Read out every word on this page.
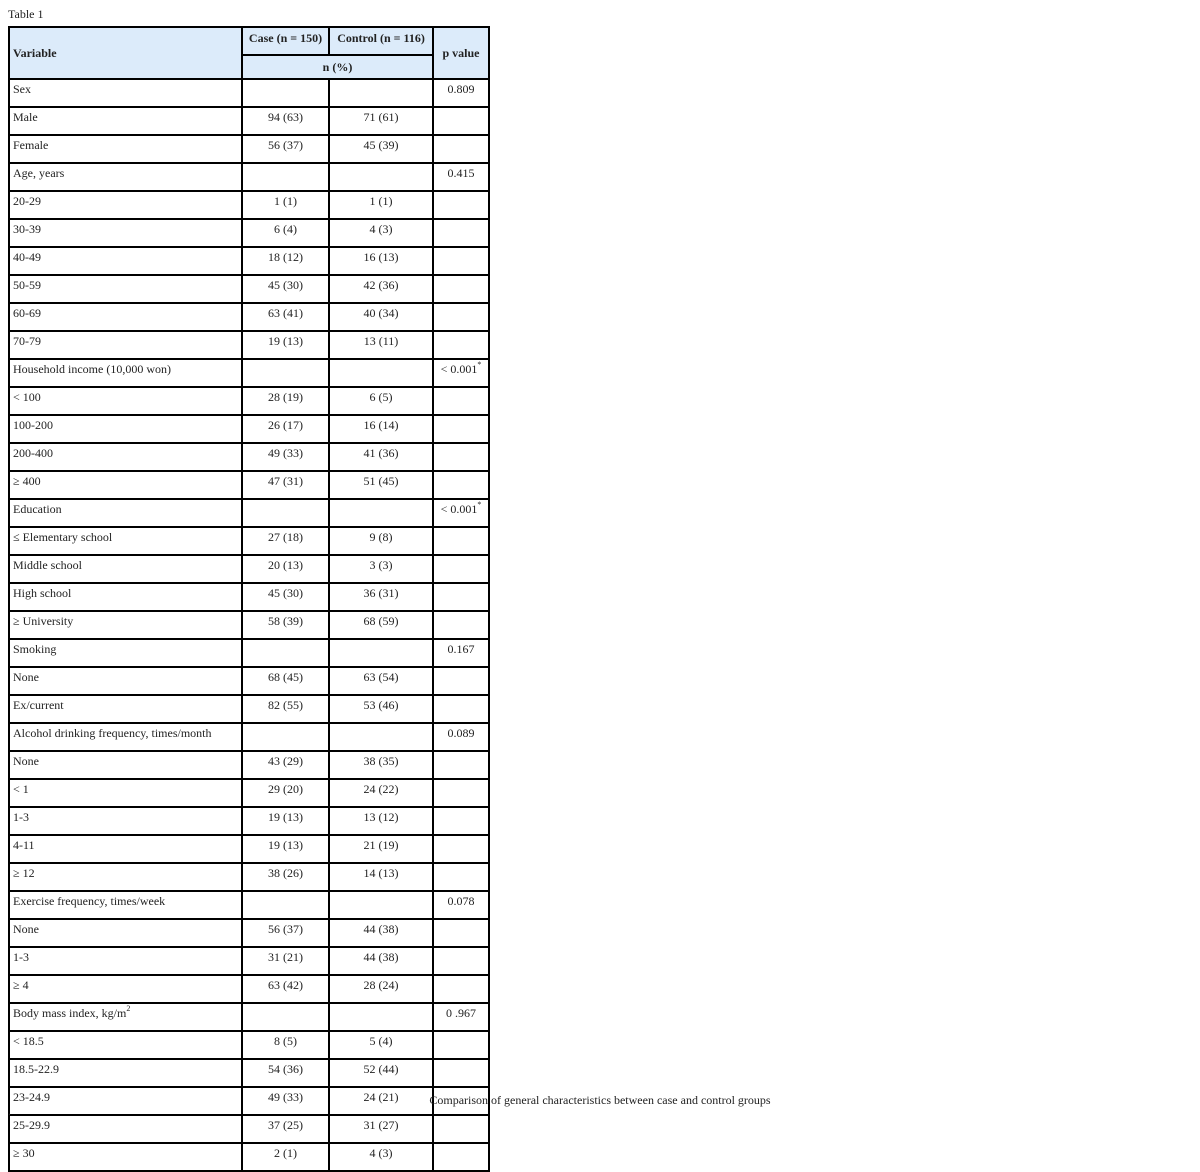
Table 1
Variable	Case (n = 150)	Control (n = 116)	p value
	n (%)		
Sex			0.809
Male	94 (63)	71 (61)	
Female	56 (37)	45 (39)	
Age, years			0.415
20-29	1 (1)	1 (1)	
30-39	6 (4)	4 (3)	
40-49	18 (12)	16 (13)	
50-59	45 (30)	42 (36)	
60-69	63 (41)	40 (34)	
70-79	19 (13)	13 (11)	
Household income (10,000 won)			< 0.001*
< 100	28 (19)	6 (5)	
100-200	26 (17)	16 (14)	
200-400	49 (33)	41 (36)	
≥ 400	47 (31)	51 (45)	
Education			< 0.001*
≤ Elementary school	27 (18)	9 (8)	
Middle school	20 (13)	3 (3)	
High school	45 (30)	36 (31)	
≥ University	58 (39)	68 (59)	
Smoking			0.167
None	68 (45)	63 (54)	
Ex/current	82 (55)	53 (46)	
Alcohol drinking frequency, times/month			0.089
None	43 (29)	38 (35)	
< 1	29 (20)	24 (22)	
1-3	19 (13)	13 (12)	
4-11	19 (13)	21 (19)	
≥ 12	38 (26)	14 (13)	
Exercise frequency, times/week			0.078
None	56 (37)	44 (38)	
1-3	31 (21)	44 (38)	
≥ 4	63 (42)	28 (24)	
Body mass index, $kg/m^2$			0 .967
< 18.5	8 (5)	5 (4)	
18.5-22.9	54 (36)	52 (44)	
23-24.9	49 (33)	24 (21)	
25-29.9	37 (25)	31 (27)	
≥ 30	2 (1)	4 (3)	
Comparison of general characteristics between case and control groups
.
